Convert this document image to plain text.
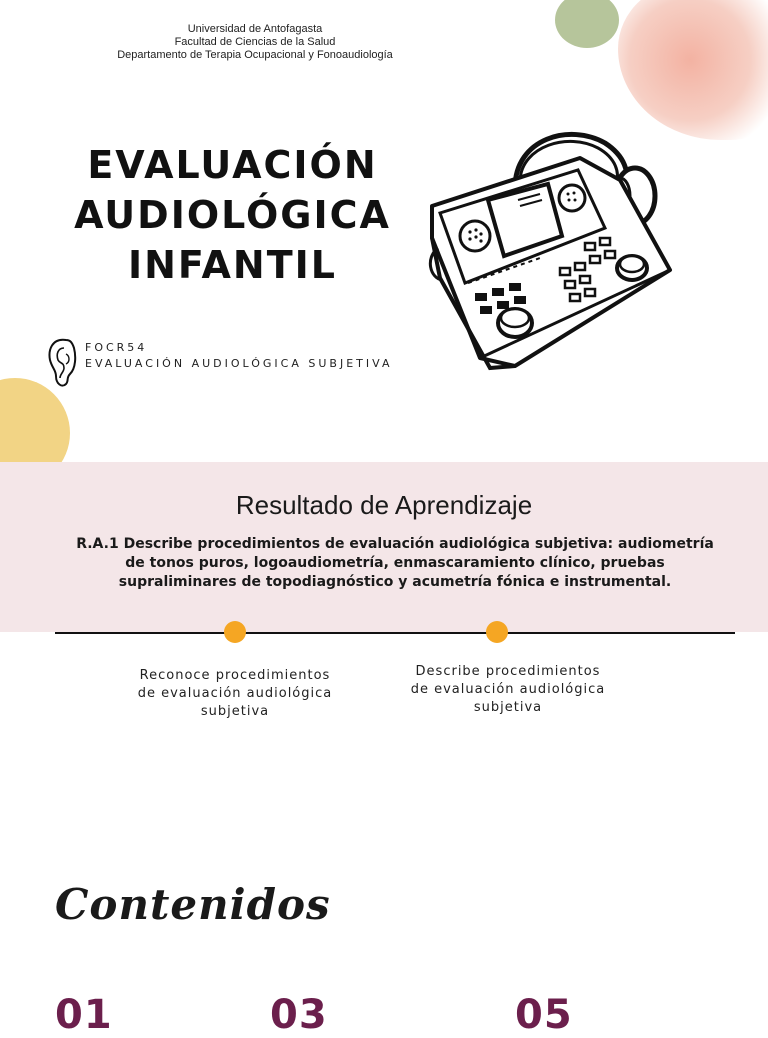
Universidad de Antofagasta
Facultad de Ciencias de la Salud
Departamento de Terapia Ocupacional y Fonoaudiología
EVALUACIÓN
AUDIOLÓGICA
INFANTIL
FOCR54
EVALUACIÓN AUDIOLÓGICA SUBJETIVA
Resultado de Aprendizaje
R.A.1 Describe procedimientos de evaluación audiológica subjetiva: audiometría de tonos puros, logoaudiometría, enmascaramiento clínico, pruebas supraliminares de topodiagnóstico y acumetría fónica e instrumental.
Reconoce procedimientos de evaluación audiológica subjetiva
Describe procedimientos de evaluación audiológica subjetiva
Contenidos
01	03	05
